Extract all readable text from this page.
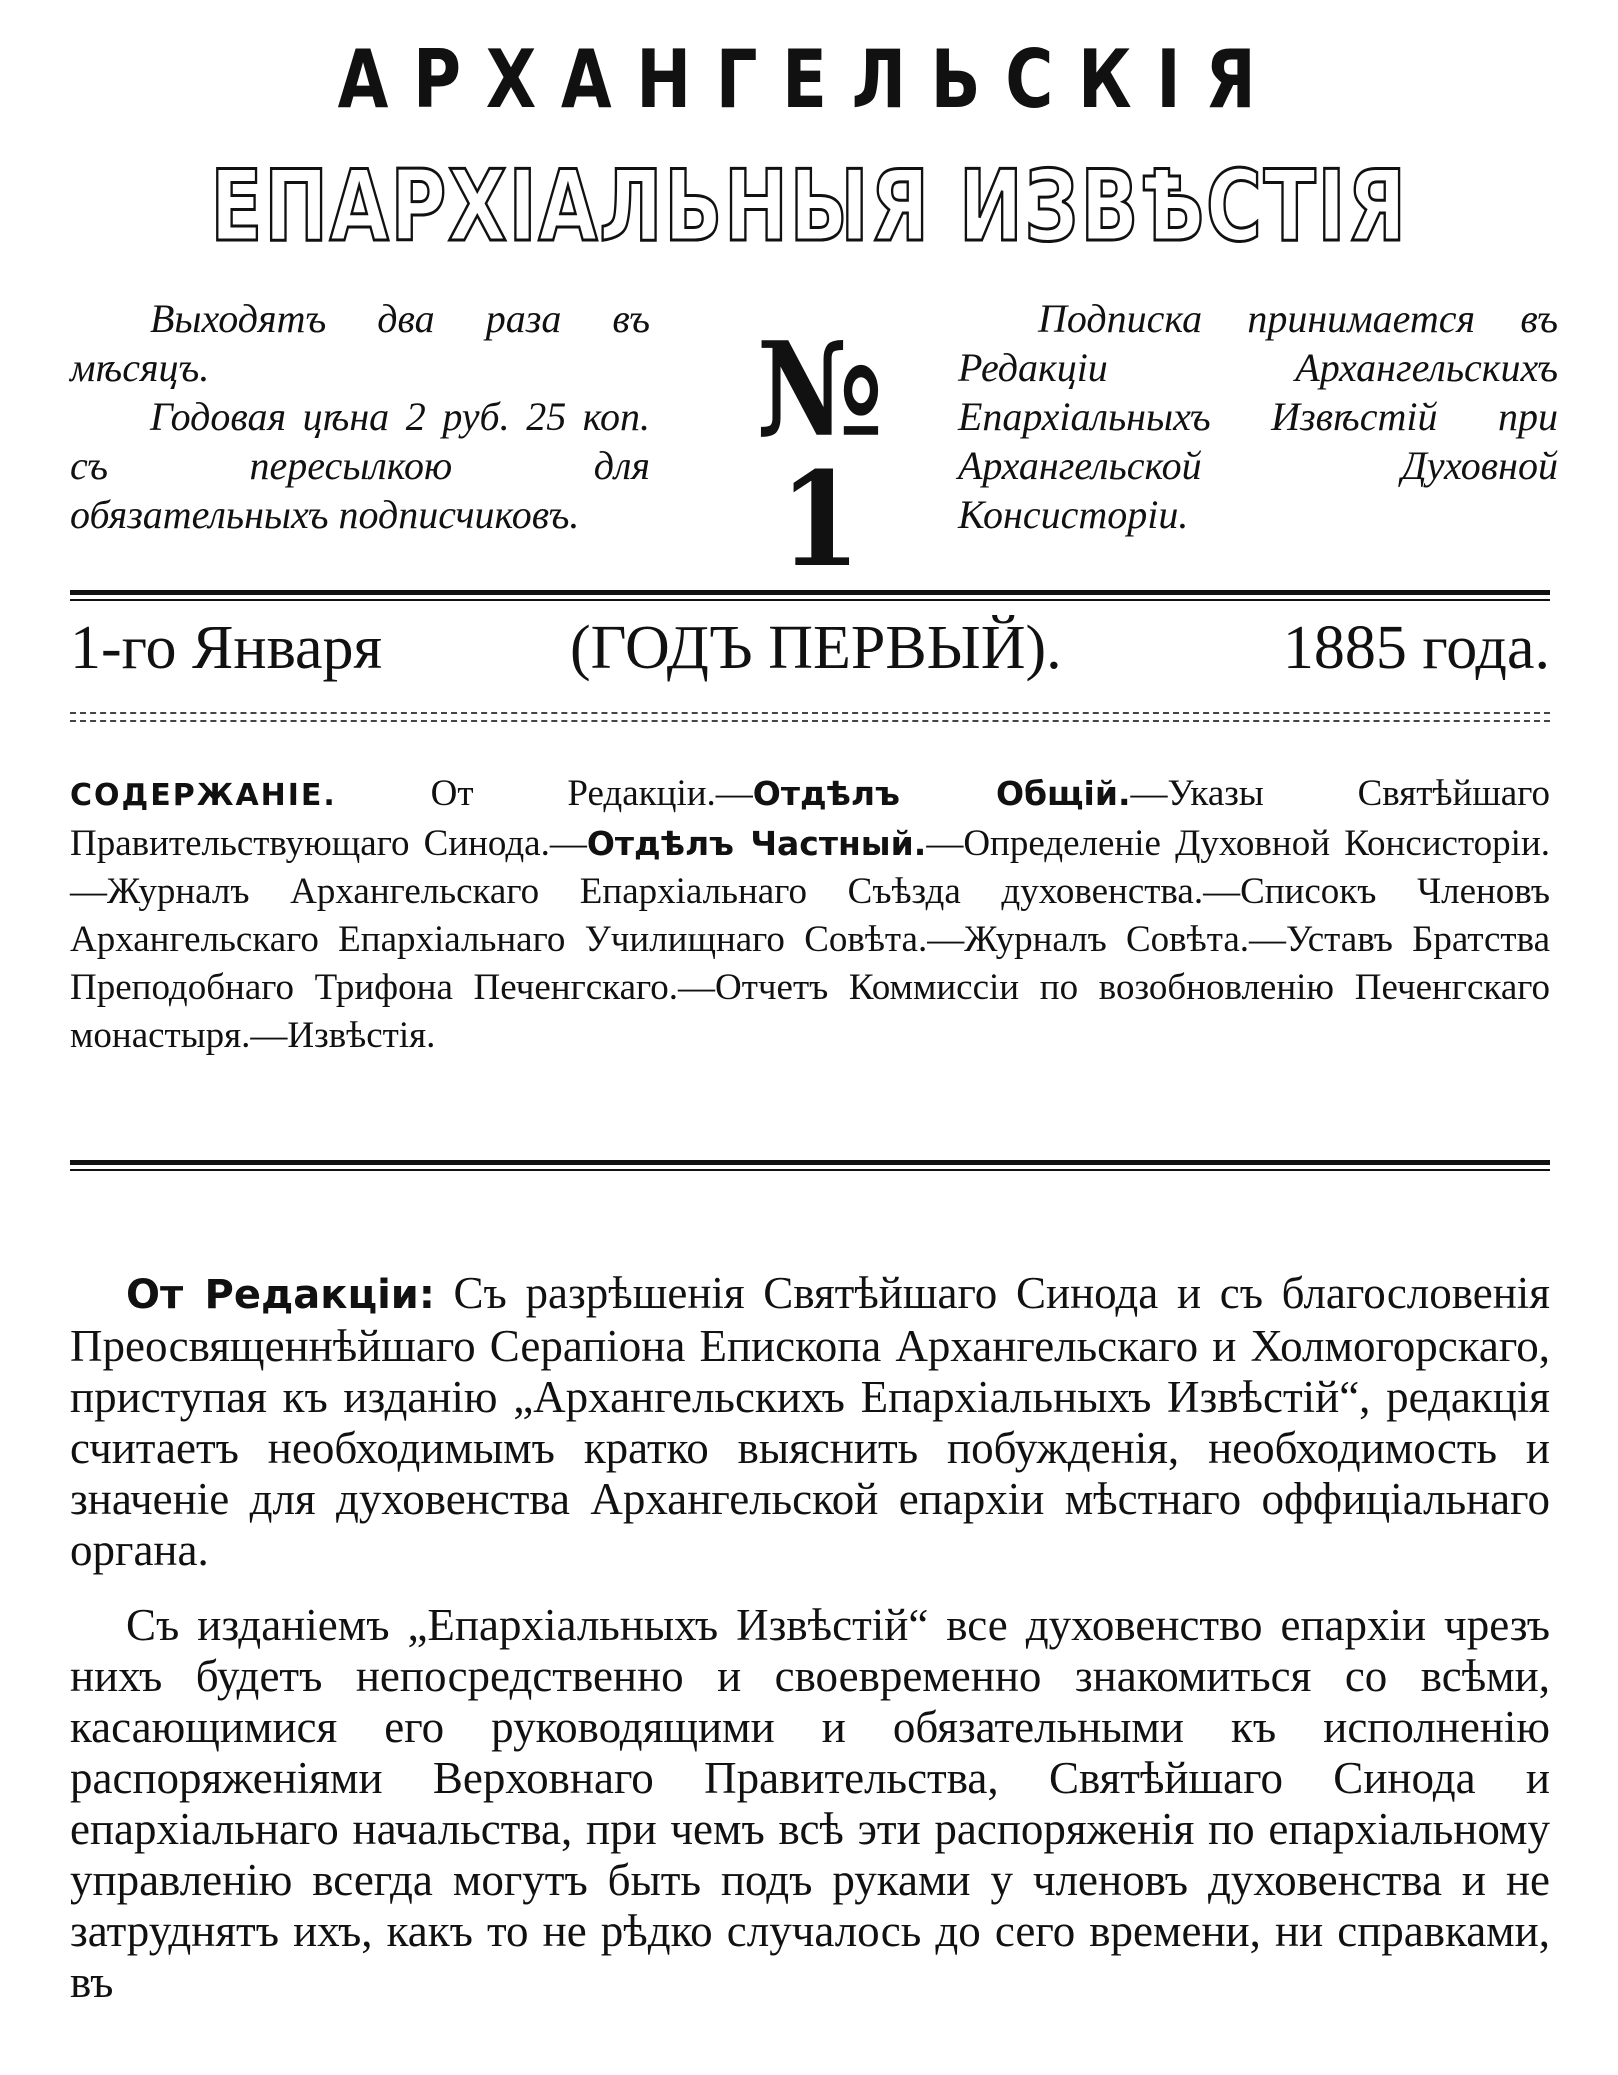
АРХАНГЕЛЬСКІЯ
ЕПАРХІАЛЬНЫЯ ИЗВѢСТІЯ
Выходятъ два раза въ мѣсяцъ.
Годовая цѣна 2 руб. 25 коп. съ пересылкою для обязательныхъ подписчиковъ.
№ 1
Подписка принимается въ Редакціи Архангельскихъ Епархіальныхъ Извѣстій при Архангельской Духовной Консисторіи.
1-го Января	(ГОДЪ ПЕРВЫЙ).	1885 года.
СОДЕРЖАНІЕ. От Редакціи.—Отдѣлъ Общій.—Указы Святѣйшаго Правительствующаго Синода.—Отдѣлъ Частный.—Определеніе Духовной Консисторіи.—Журналъ Архангельскаго Епархіальнаго Съѣзда духовенства.—Списокъ Членовъ Архангельскаго Епархіальнаго Училищнаго Совѣта.—Журналъ Совѣта.—Уставъ Братства Преподобнаго Трифона Печенгскаго.—Отчетъ Коммиссіи по возобновленію Печенгскаго монастыря.—Извѣстія.

От Редакціи: Съ разрѣшенія Святѣйшаго Синода и съ благословенія Преосвященнѣйшаго Серапіона Епископа Архангельскаго и Холмогорскаго, приступая къ изданію „Архангельскихъ Епархіальныхъ Извѣстій“, редакція считаетъ необходимымъ кратко выяснить побужденія, необходимость и значеніе для духовенства Архангельской епархіи мѣстнаго оффиціальнаго органа.

Съ изданіемъ „Епархіальныхъ Извѣстій“ все духовенство епархіи чрезъ нихъ будетъ непосредственно и своевременно знакомиться со всѣми, касающимися его руководящими и обязательными къ исполненію распоряженіями Верховнаго Правительства, Святѣйшаго Синода и епархіальнаго начальства, при чемъ всѣ эти распоряженія по епархіальному управленію всегда могутъ быть подъ руками у членовъ духовенства и не затруднятъ ихъ, какъ то не рѣдко случалось до сего времени, ни справками, въ
